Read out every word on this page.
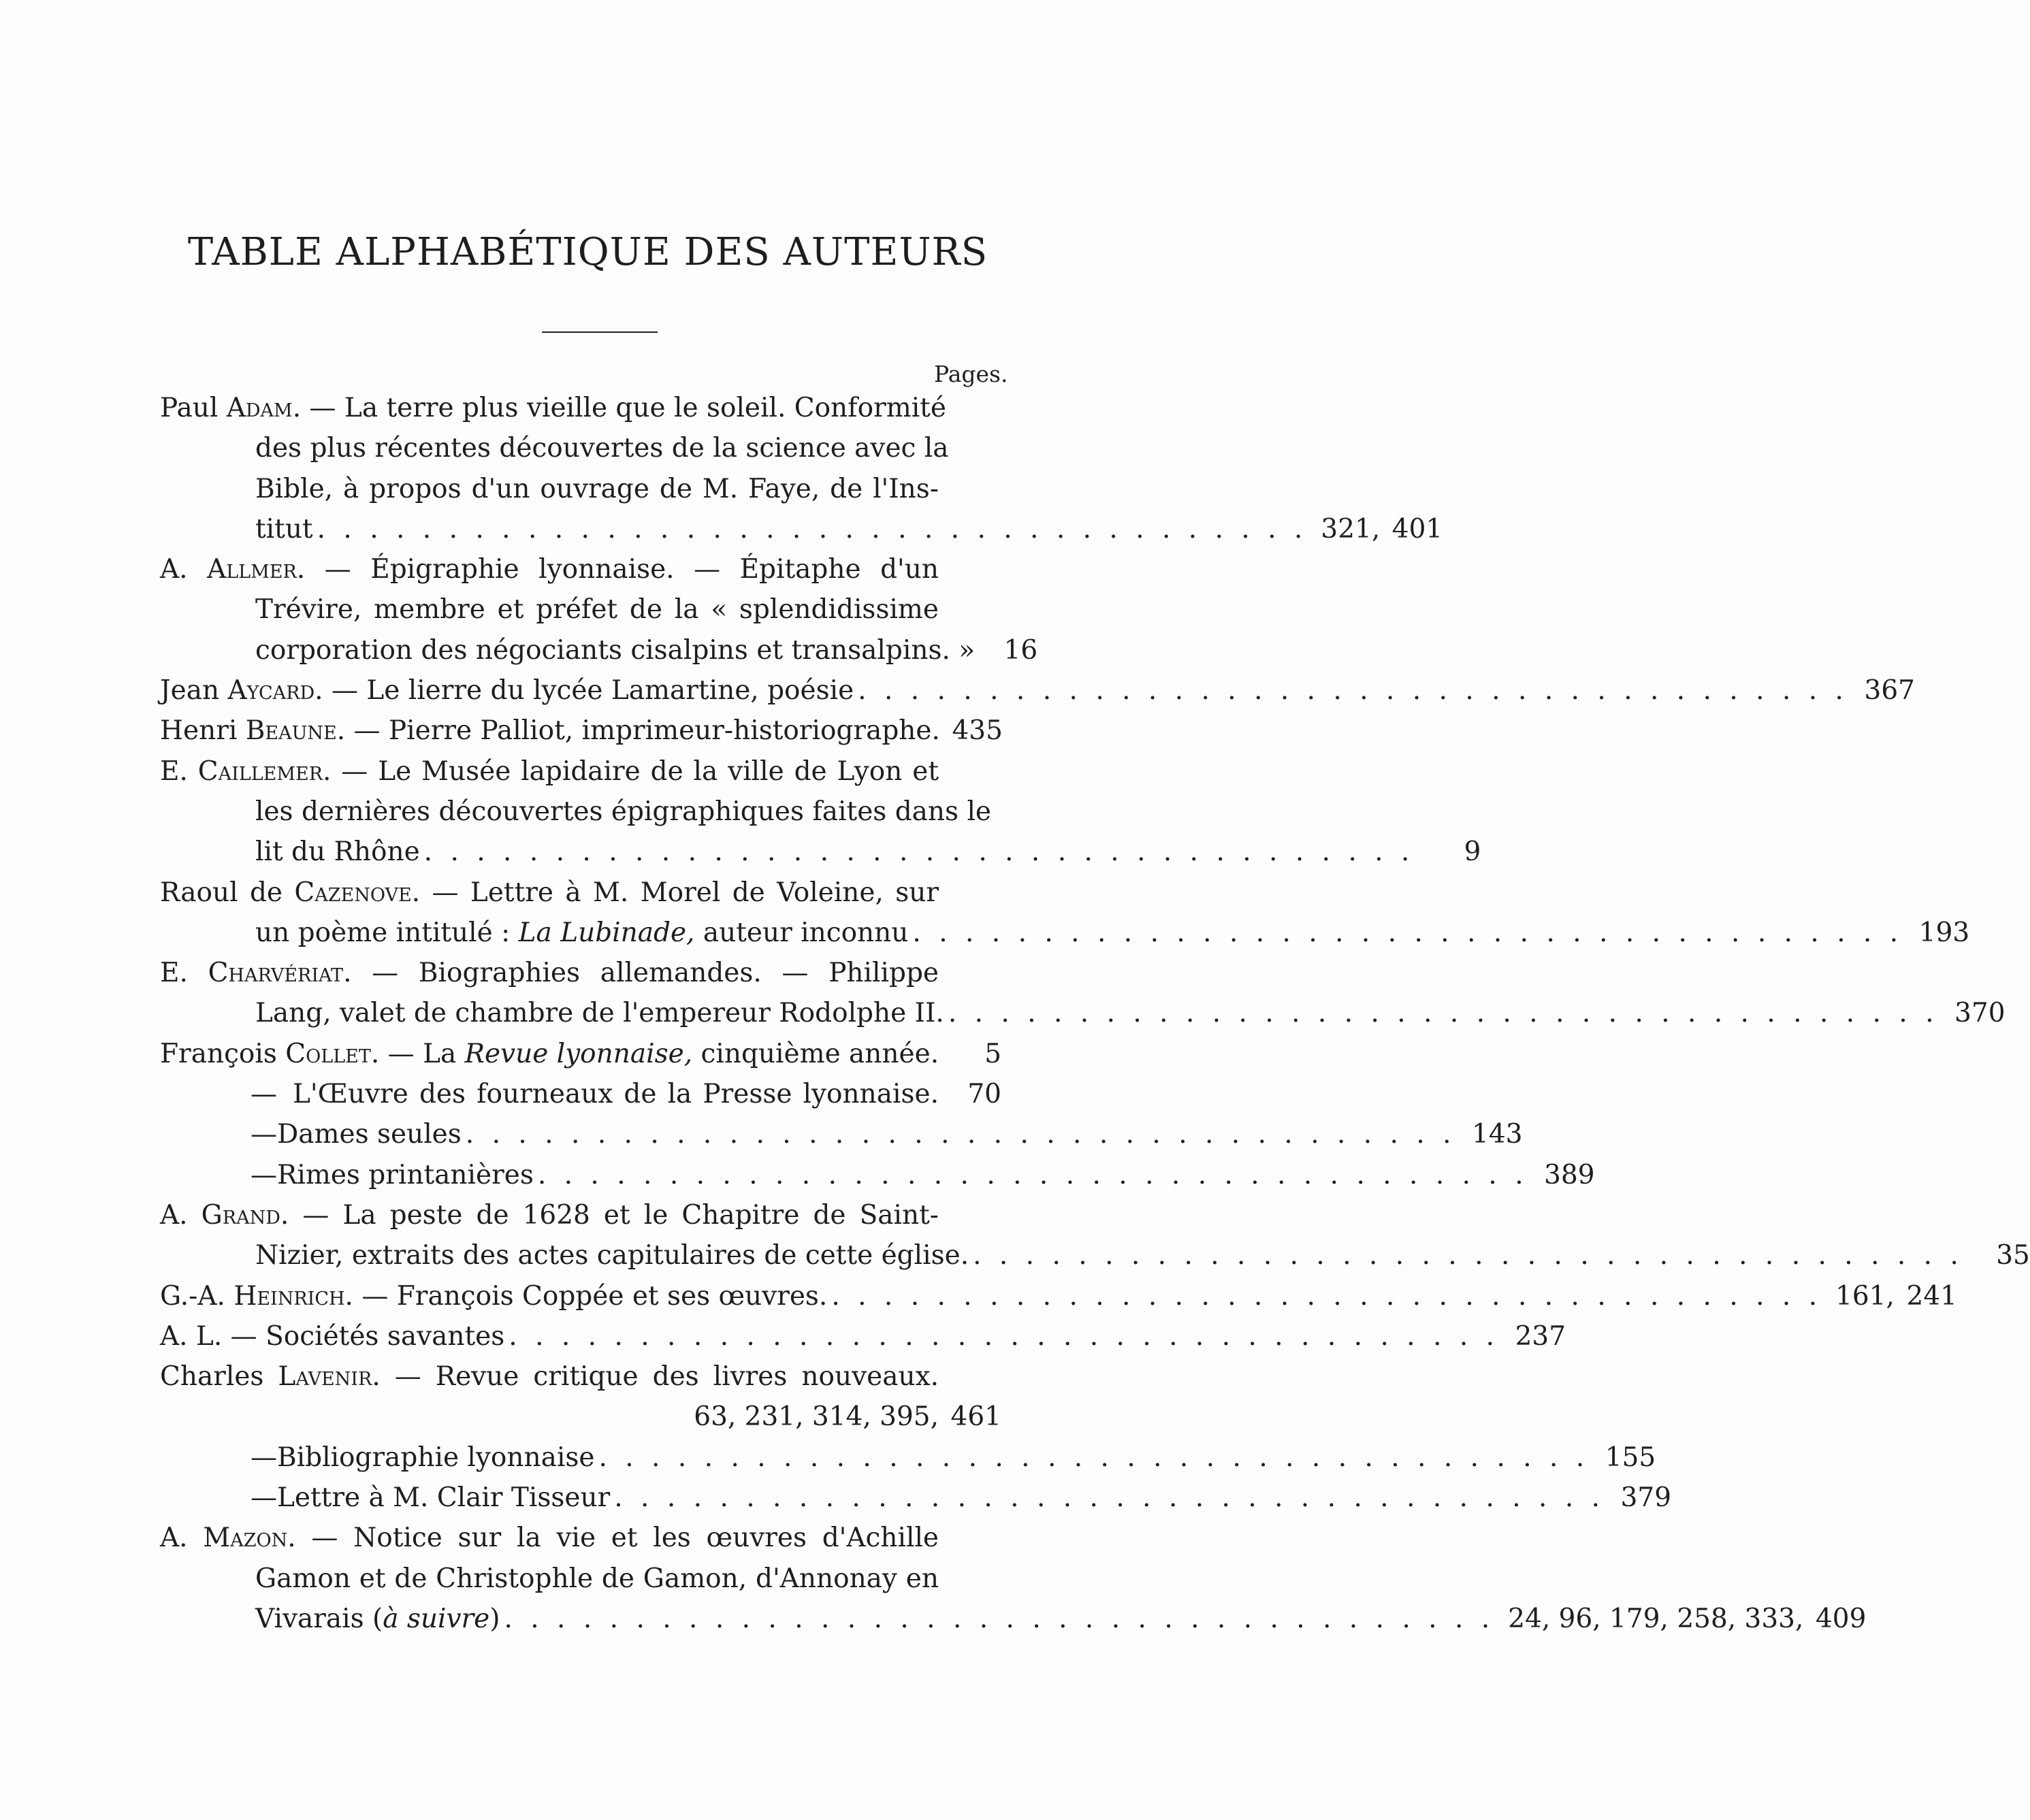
TABLE ALPHABÉTIQUE DES AUTEURS
Pages.
Paul Adam. — La terre plus vieille que le soleil. Conformité
des plus récentes découvertes de la science avec la
Bible, à propos d'un ouvrage de M. Faye, de l'Ins-
titut . . . . . . . . . . . . . . . . . . . . . . . . . . . . . . . . . . . . . . 321, 401
A. Allmer. — Épigraphie lyonnaise. — Épitaphe d'un
Trévire, membre et préfet de la « splendidissime
corporation des négociants cisalpins et transalpins. »	16
Jean Aycard. — Le lierre du lycée Lamartine, poésie . . . . . . . . . . . . . . . . . . . . . . . . . . . . . . . . . . . . . . 367
Henri Beaune. — Pierre Palliot, imprimeur-historiographe. 435
E. Caillemer. — Le Musée lapidaire de la ville de Lyon et
les dernières découvertes épigraphiques faites dans le
lit du Rhône . . . . . . . . . . . . . . . . . . . . . . . . . . . . . . . . . . . . . .	9
Raoul de Cazenove. — Lettre à M. Morel de Voleine, sur
un poème intitulé : La Lubinade, auteur inconnu . . . . . . . . . . . . . . . . . . . . . . . . . . . . . . . . . . . . . . 193
E. Charvériat. — Biographies allemandes. — Philippe
Lang, valet de chambre de l'empereur Rodolphe II. . . . . . . . . . . . . . . . . . . . . . . . . . . . . . . . . . . . . . . 370
François Collet. — La Revue lyonnaise, cinquième année.	5
— L'Œuvre des fourneaux de la Presse lyonnaise.	70
— Dames seules . . . . . . . . . . . . . . . . . . . . . . . . . . . . . . . . . . . . . . 143
— Rimes printanières . . . . . . . . . . . . . . . . . . . . . . . . . . . . . . . . . . . . . . 389
A. Grand. — La peste de 1628 et le Chapitre de Saint-
Nizier, extraits des actes capitulaires de cette église. . . . . . . . . . . . . . . . . . . . . . . . . . . . . . . . . . . . . . .	35
G.-A. Heinrich. — François Coppée et ses œuvres. . . . . . . . . . . . . . . . . . . . . . . . . . . . . . . . . . . . . . . 161, 241
A. L. — Sociétés savantes . . . . . . . . . . . . . . . . . . . . . . . . . . . . . . . . . . . . . . 237
Charles Lavenir. — Revue critique des livres nouveaux.
63, 231, 314, 395, 461
— Bibliographie lyonnaise . . . . . . . . . . . . . . . . . . . . . . . . . . . . . . . . . . . . . . 155
— Lettre à M. Clair Tisseur . . . . . . . . . . . . . . . . . . . . . . . . . . . . . . . . . . . . . . 379
A. Mazon. — Notice sur la vie et les œuvres d'Achille
Gamon et de Christophle de Gamon, d'Annonay en
Vivarais (à suivre) . . . . . . . . . . . . . . . . . . . . . . . . . . . . . . . . . . . . . . 24, 96, 179, 258, 333, 409
